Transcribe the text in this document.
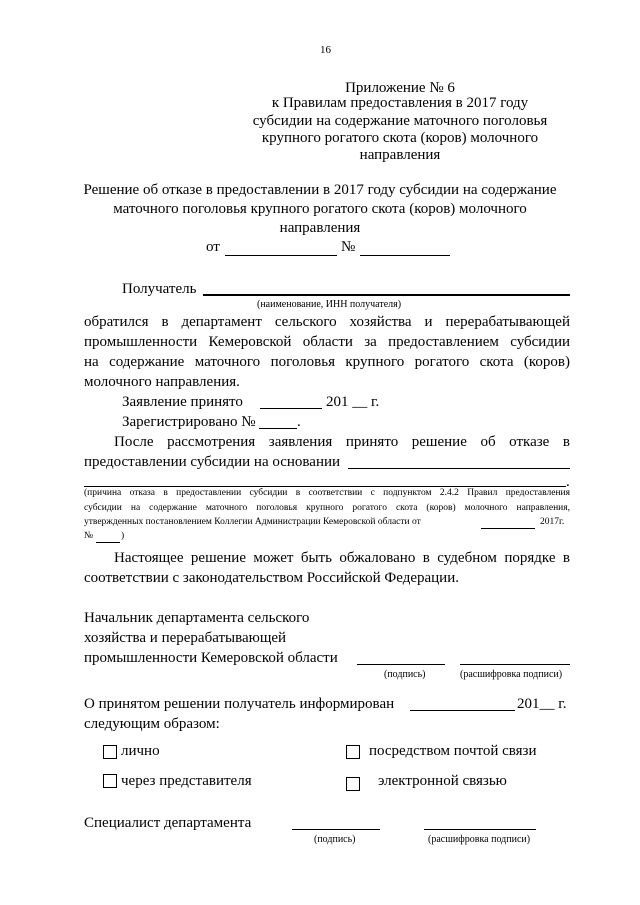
16
Приложение № 6
к Правилам предоставления в 2017 году
субсидии на содержание маточного поголовья
крупного рогатого скота (коров) молочного
направления
Решение об отказе в предоставлении в 2017 году субсидии на содержание
маточного поголовья крупного рогатого скота (коров) молочного
направления
от	№
Получатель
(наименование, ИНН получателя)
обратился в департамент сельского хозяйства и перерабатывающей
промышленности Кемеровской области за предоставлением субсидии
на содержание маточного поголовья крупного рогатого скота (коров)
молочного направления.
Заявление принято	201 __ г.
Зарегистрировано №	.
После рассмотрения заявления принято решение об отказе в
предоставлении субсидии на основании
.
(причина отказа в предоставлении субсидии в соответствии с подпунктом 2.4.2 Правил предоставления
субсидии на содержание маточного поголовья крупного рогатого скота (коров) молочного направления,
утвержденных постановлением Коллегии Администрации Кемеровской области от	2017г.
№	)
Настоящее решение может быть обжаловано в судебном порядке в
соответствии с законодательством Российской Федерации.
Начальник департамента сельского
хозяйства и перерабатывающей
промышленности Кемеровской области
(подпись)	(расшифровка подписи)
О принятом решении получатель информирован	201__ г.
следующим образом:
лично	посредством почтой связи
через представителя	электронной связью
Специалист департамента
(подпись)	(расшифровка подписи)
